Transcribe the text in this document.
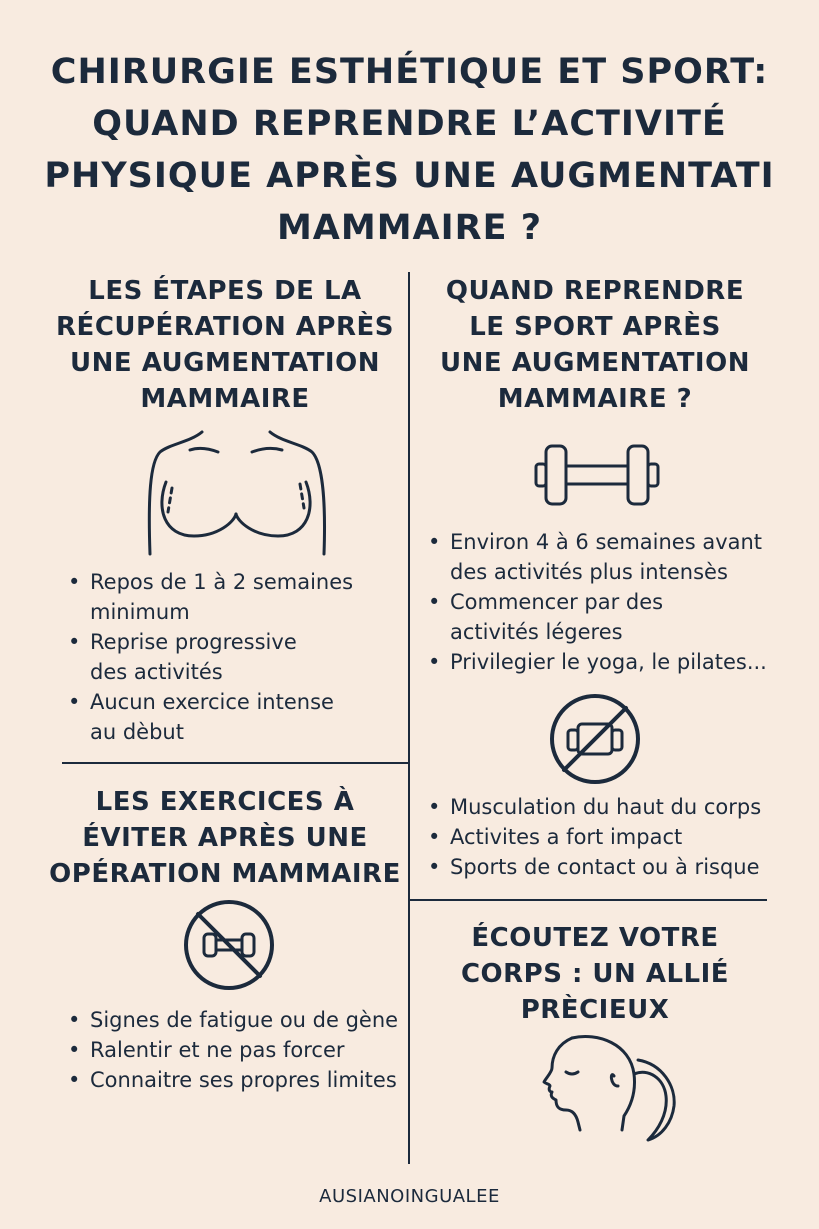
CHIRURGIE ESTHÉTIQUE ET SPORT:
QUAND REPRENDRE L’ACTIVITÉ
PHYSIQUE APRÈS UNE AUGMENTATI
MAMMAIRE ?
LES ÉTAPES DE LA
RÉCUPÉRATION APRÈS
UNE AUGMENTATION
MAMMAIRE
• Repos de 1 à 2 semaines
minimum
• Reprise progressive
des activités
• Aucun exercice intense
au dèbut
QUAND REPRENDRE
LE SPORT APRÈS
UNE AUGMENTATION
MAMMAIRE ?
• Environ 4 à 6 semaines avant
des activités plus intensès
• Commencer par des
activités légeres
• Privilegier le yoga, le pilates...
• Musculation du haut du corps
• Activites a fort impact
• Sports de contact ou à risque
LES EXERCICES À
ÉVITER APRÈS UNE
OPÉRATION MAMMAIRE
• Signes de fatigue ou de gène
• Ralentir et ne pas forcer
• Connaitre ses propres limites
ÉCOUTEZ VOTRE
CORPS : UN ALLIÉ
PRÈCIEUX
AUSIANOINGUALEE
